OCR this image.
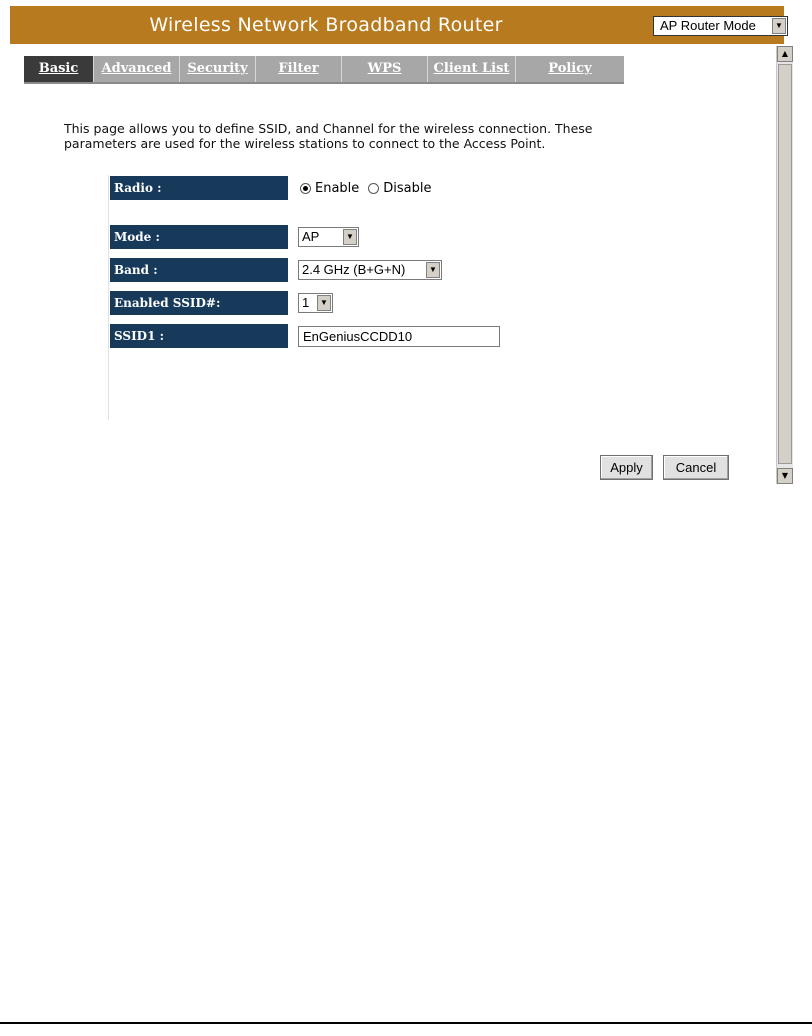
Wireless Network Broadband Router	AP Router Mode	▼
Basic	Advanced	Security	Filter	WPS	Client List	Policy
▲
▼
This page allows you to define SSID, and Channel for the wireless connection. These
parameters are used for the wireless stations to connect to the Access Point.
Radio :	Enable Disable
Mode :	AP	▼
Band :	2.4 GHz (B+G+N)	▼
Enabled SSID#:	1	▼
SSID1 :	EnGeniusCCDD10
Apply	Cancel
